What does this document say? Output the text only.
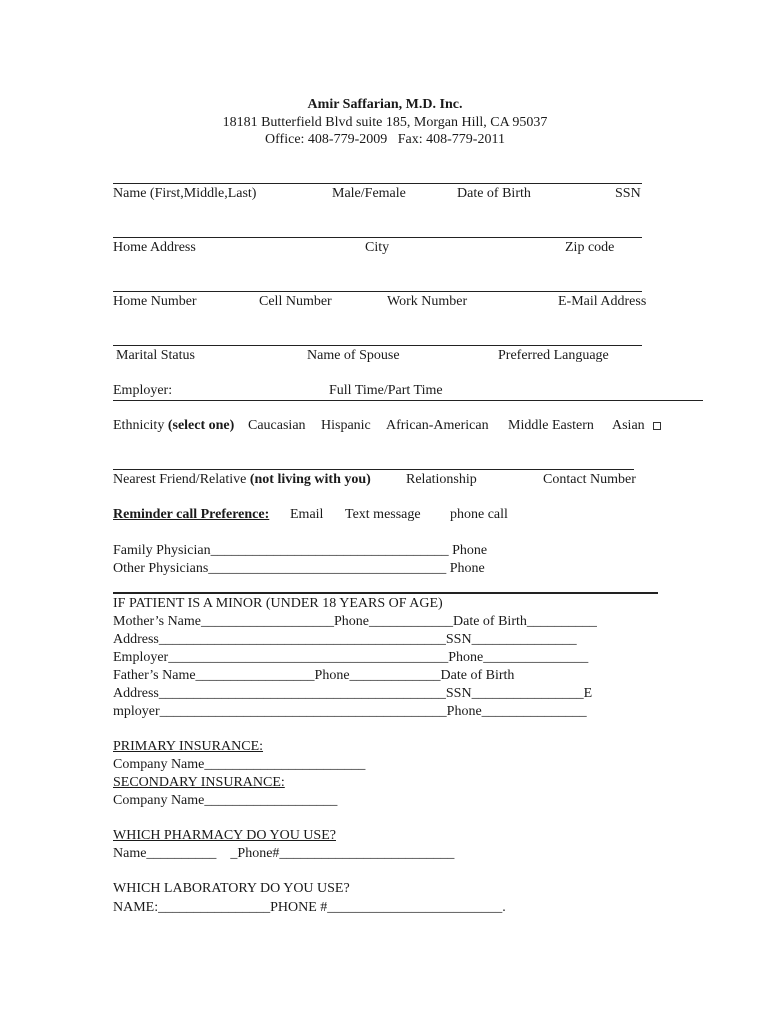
Amir Saffarian, M.D. Inc.
18181 Butterfield Blvd suite 185, Morgan Hill, CA 95037
Office: 408-779-2009   Fax: 408-779-2011
Name (First,Middle,Last)	Male/Female	Date of Birth	SSN
Home Address	City	Zip code
Home Number	Cell Number	Work Number	E-Mail Address
Marital Status	Name of Spouse	Preferred Language
Employer:	Full Time/Part Time
Ethnicity (select one) Caucasian Hispanic African-American Middle Eastern Asian
Nearest Friend/Relative (not living with you)	Relationship	Contact Number
Reminder call Preference: Email Text message phone call
Family Physician__________________________________ Phone
Other Physicians__________________________________ Phone
IF PATIENT IS A MINOR (UNDER 18 YEARS OF AGE)
Mother’s Name___________________Phone____________Date of Birth__________
Address_________________________________________SSN_______________
Employer________________________________________Phone_______________
Father’s Name_________________Phone_____________Date of Birth
Address_________________________________________SSN________________E
mployer_________________________________________Phone_______________
PRIMARY INSURANCE:
Company Name_______________________
SECONDARY INSURANCE:
Company Name___________________
WHICH PHARMACY DO YOU USE?
Name__________    _Phone#_________________________
WHICH LABORATORY DO YOU USE?
NAME:________________PHONE #_________________________.
